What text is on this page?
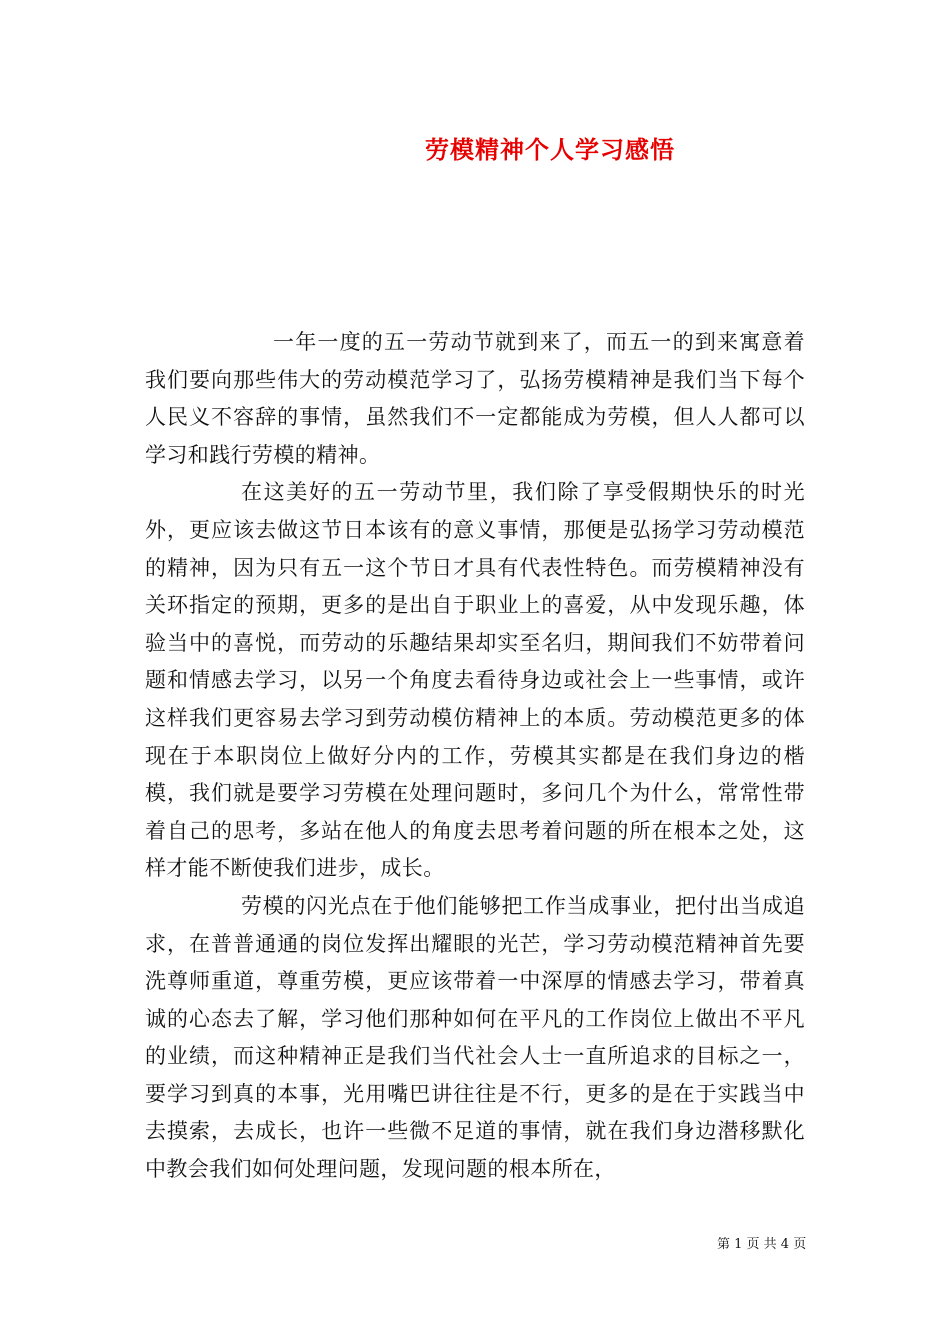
劳模精神个人学习感悟

一年一度的五一劳动节就到来了，而五一的到来寓意着我们要向那些伟大的劳动模范学习了，弘扬劳模精神是我们当下每个人民义不容辞的事情，虽然我们不一定都能成为劳模，但人人都可以学习和践行劳模的精神。

在这美好的五一劳动节里，我们除了享受假期快乐的时光外，更应该去做这节日本该有的意义事情，那便是弘扬学习劳动模范的精神，因为只有五一这个节日才具有代表性特色。而劳模精神没有关环指定的预期，更多的是出自于职业上的喜爱，从中发现乐趣，体验当中的喜悦，而劳动的乐趣结果却实至名归，期间我们不妨带着问题和情感去学习，以另一个角度去看待身边或社会上一些事情，或许这样我们更容易去学习到劳动模仿精神上的本质。劳动模范更多的体现在于本职岗位上做好分内的工作，劳模其实都是在我们身边的楷模，我们就是要学习劳模在处理问题时，多问几个为什么，常常性带着自己的思考，多站在他人的角度去思考着问题的所在根本之处，这样才能不断使我们进步，成长。

劳模的闪光点在于他们能够把工作当成事业，把付出当成追求，在普普通通的岗位发挥出耀眼的光芒，学习劳动模范精神首先要洗尊师重道，尊重劳模，更应该带着一中深厚的情感去学习，带着真诚的心态去了解，学习他们那种如何在平凡的工作岗位上做出不平凡的业绩，而这种精神正是我们当代社会人士一直所追求的目标之一，要学习到真的本事，光用嘴巴讲往往是不行，更多的是在于实践当中去摸索，去成长，也许一些微不足道的事情，就在我们身边潜移默化中教会我们如何处理问题，发现问题的根本所在，

第 1 页 共 4 页
